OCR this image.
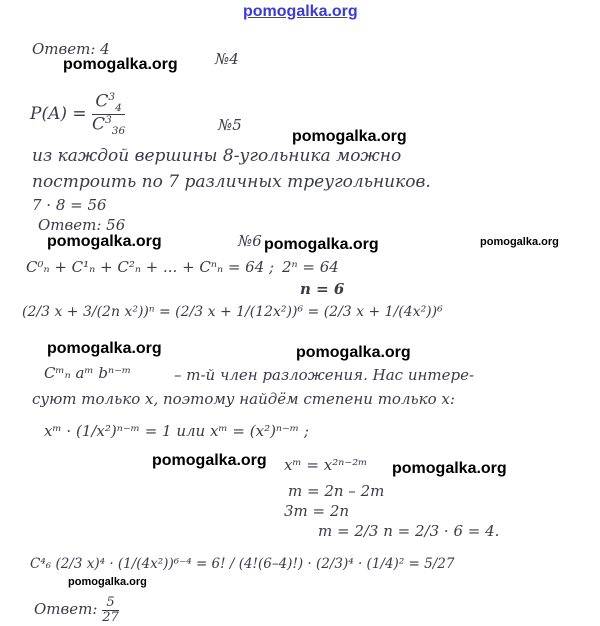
pomogalka.org
pomogalka.org
pomogalka.org
pomogalka.org	pomogalka.org	pomogalka.org
pomogalka.org	pomogalka.org
pomogalka.org	pomogalka.org
pomogalka.org
Ответ: 4
№4
$P(A) = \frac{C^3_4}{C^3_{36}}$	№5
из каждой вершины 8-угольника можно
построить по 7 различных треугольников.
7 · 8 = 56
Ответ: 56
№6
C⁰ₙ + C¹ₙ + C²ₙ + ... + Cⁿₙ = 64 ; 2ⁿ = 64
n = 6
(2/3 x + 3/(2n x²))ⁿ = (2/3 x + 1/(12x²))⁶ = (2/3 x + 1/(4x²))⁶
Cᵐₙ aᵐ bⁿ⁻ᵐ	– m-й член разложения. Нас интере-
суют только x, поэтому найдём степени только x:
xᵐ · (1/x²)ⁿ⁻ᵐ = 1 или xᵐ = (x²)ⁿ⁻ᵐ ;
xᵐ = x²ⁿ⁻²ᵐ
m = 2n – 2m
3m = 2n
m = 2/3 n = 2/3 · 6 = 4.
C⁴₆ (2/3 x)⁴ · (1/(4x²))⁶⁻⁴ = 6! / (4!(6–4)!) · (2/3)⁴ · (1/4)² = 5/27
Ответ: $\frac{5}{27}$
